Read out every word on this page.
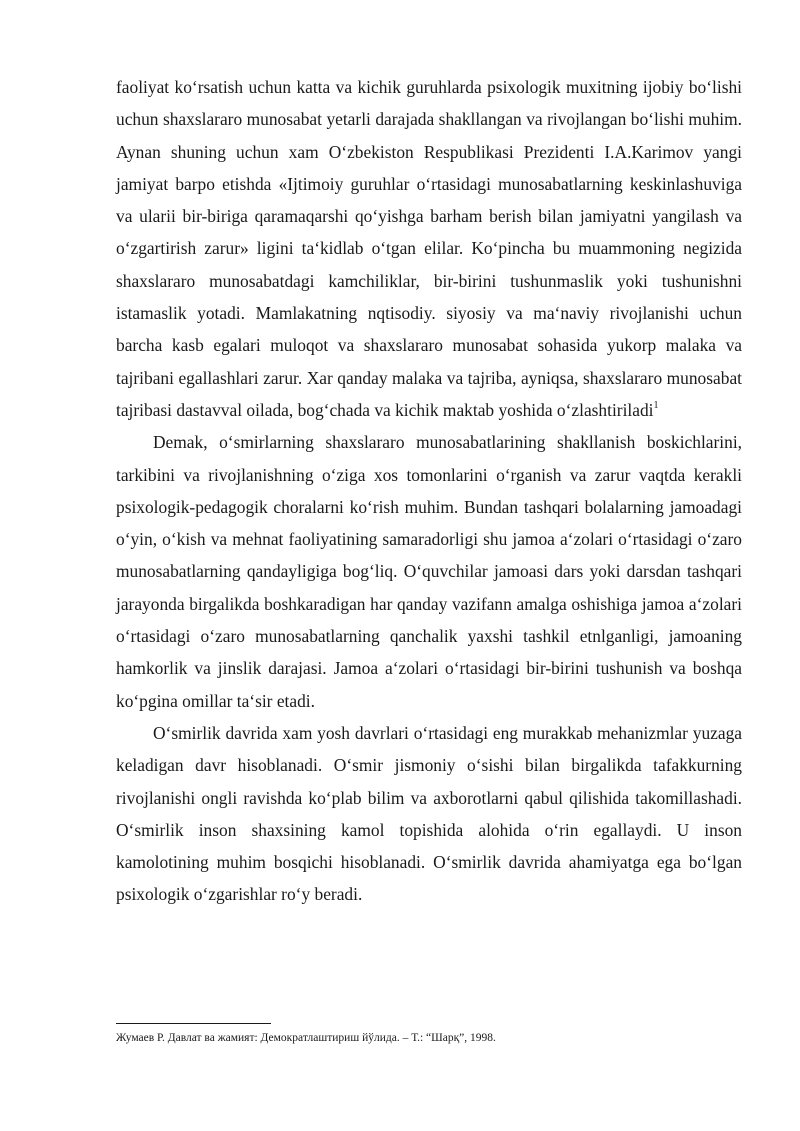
faoliyat ko‘rsatish uchun katta va kichik guruhlarda psixologik muxitning ijobiy bo‘lishi uchun shaxslararo munosabat yetarli darajada shakllangan va rivojlangan bo‘lishi muhim. Aynan shuning uchun xam O‘zbekiston Respublikasi Prezidenti I.A.Karimov yangi jamiyat barpo etishda «Ijtimoiy guruhlar o‘rtasidagi munosabatlarning keskinlashuviga va ularii bir-biriga qaramaqarshi qo‘yishga barham berish bilan jamiyatni yangilash va o‘zgartirish zarur» ligini ta‘kidlab o‘tgan elilar. Ko‘pincha bu muammoning negizida shaxslararo munosabatdagi kamchiliklar, bir-birini tushunmaslik yoki tushunishni istamaslik yotadi. Mamlakatning nqtisodiy. siyosiy va ma‘naviy rivojlanishi uchun barcha kasb egalari muloqot va shaxslararo munosabat sohasida yukorp malaka va tajribani egallashlari zarur. Xar qanday malaka va tajriba, ayniqsa, shaxslararo munosabat tajribasi dastavval oilada, bog‘chada va kichik maktab yoshida o‘zlashtiriladi$^1$

Demak, o‘smirlarning shaxslararo munosabatlarining shakllanish boskichlarini, tarkibini va rivojlanishning o‘ziga xos tomonlarini o‘rganish va zarur vaqtda kerakli psixologik-pedagogik choralarni ko‘rish muhim. Bundan tashqari bolalarning jamoadagi o‘yin, o‘kish va mehnat faoliyatining samaradorligi shu jamoa a‘zolari o‘rtasidagi o‘zaro munosabatlarning qandayligiga bog‘liq. O‘quvchilar jamoasi dars yoki darsdan tashqari jarayonda birgalikda boshkaradigan har qanday vazifann amalga oshishiga jamoa a‘zolari o‘rtasidagi o‘zaro munosabatlarning qanchalik yaxshi tashkil etnlganligi, jamoaning hamkorlik va jinslik darajasi. Jamoa a‘zolari o‘rtasidagi bir-birini tushunish va boshqa ko‘pgina omillar ta‘sir etadi.

O‘smirlik davrida xam yosh davrlari o‘rtasidagi eng murakkab mehanizmlar yuzaga keladigan davr hisoblanadi. O‘smir jismoniy o‘sishi bilan birgalikda tafakkurning rivojlanishi ongli ravishda ko‘plab bilim va axborotlarni qabul qilishida takomillashadi. O‘smirlik inson shaxsining kamol topishida alohida o‘rin egallaydi. U inson kamolotining muhim bosqichi hisoblanadi. O‘smirlik davrida ahamiyatga ega bo‘lgan psixologik o‘zgarishlar ro‘y beradi.

Жумаев Р. Давлат ва жамият: Демократлаштириш йўлида. – Т.: “Шарқ”, 1998.
